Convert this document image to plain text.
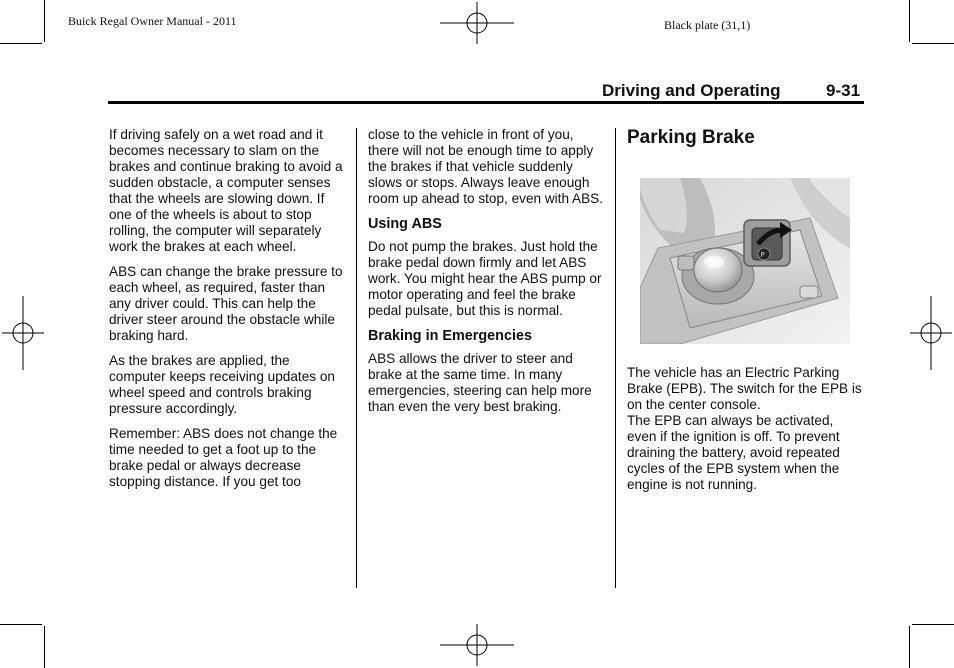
Buick Regal Owner Manual - 2011	Black plate (31,1)
Driving and Operating	9-31

If driving safely on a wet road and it becomes necessary to slam on the brakes and continue braking to avoid a sudden obstacle, a computer senses that the wheels are slowing down. If one of the wheels is about to stop rolling, the computer will separately work the brakes at each wheel.

ABS can change the brake pressure to each wheel, as required, faster than any driver could. This can help the driver steer around the obstacle while braking hard.

As the brakes are applied, the computer keeps receiving updates on wheel speed and controls braking pressure accordingly.

Remember: ABS does not change the time needed to get a foot up to the brake pedal or always decrease stopping distance. If you get too

close to the vehicle in front of you, there will not be enough time to apply the brakes if that vehicle suddenly slows or stops. Always leave enough room up ahead to stop, even with ABS.

Using ABS

Do not pump the brakes. Just hold the brake pedal down firmly and let ABS work. You might hear the ABS pump or motor operating and feel the brake pedal pulsate, but this is normal.

Braking in Emergencies

ABS allows the driver to steer and brake at the same time. In many emergencies, steering can help more than even the very best braking.

Parking Brake
P

The vehicle has an Electric Parking Brake (EPB). The switch for the EPB is on the center console.

The EPB can always be activated, even if the ignition is off. To prevent draining the battery, avoid repeated cycles of the EPB system when the engine is not running.
